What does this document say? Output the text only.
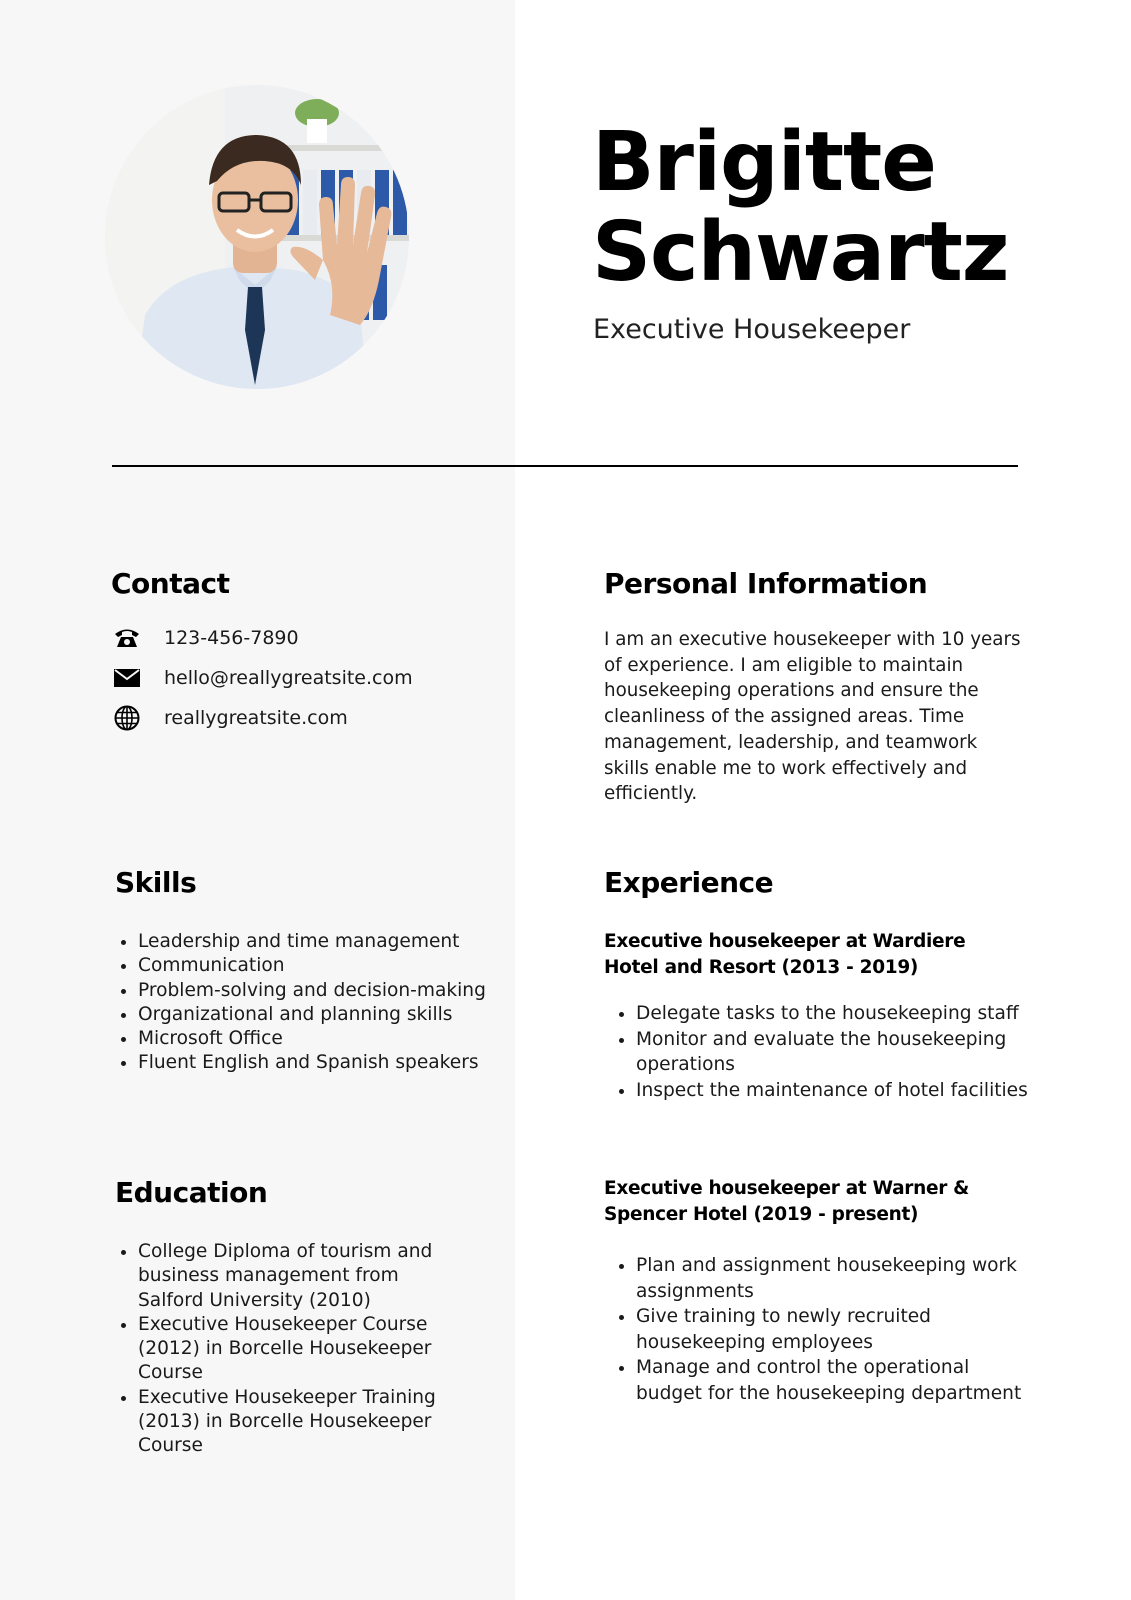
Brigitte
Schwartz

Executive Housekeeper

Contact
123-456-7890
hello@reallygreatsite.com
reallygreatsite.com
Personal Information

I am an executive housekeeper with 10 years of experience. I am eligible to maintain housekeeping operations and ensure the cleanliness of the assigned areas. Time management, leadership, and teamwork skills enable me to work effectively and efficiently.

Skills
• Leadership and time management
• Communication
• Problem-solving and decision-making
• Organizational and planning skills
• Microsoft Office
• Fluent English and Spanish speakers
Experience

Executive housekeeper at Wardiere Hotel and Resort (2013 - 2019)

• Delegate tasks to the housekeeping staff
• Monitor and evaluate the housekeeping operations
• Inspect the maintenance of hotel facilities

Executive housekeeper at Warner & Spencer Hotel (2019 - present)

• Plan and assignment housekeeping work assignments
• Give training to newly recruited housekeeping employees
• Manage and control the operational budget for the housekeeping department
Education
• College Diploma of tourism and business management from Salford University (2010)
• Executive Housekeeper Course (2012) in Borcelle Housekeeper Course
• Executive Housekeeper Training (2013) in Borcelle Housekeeper Course
